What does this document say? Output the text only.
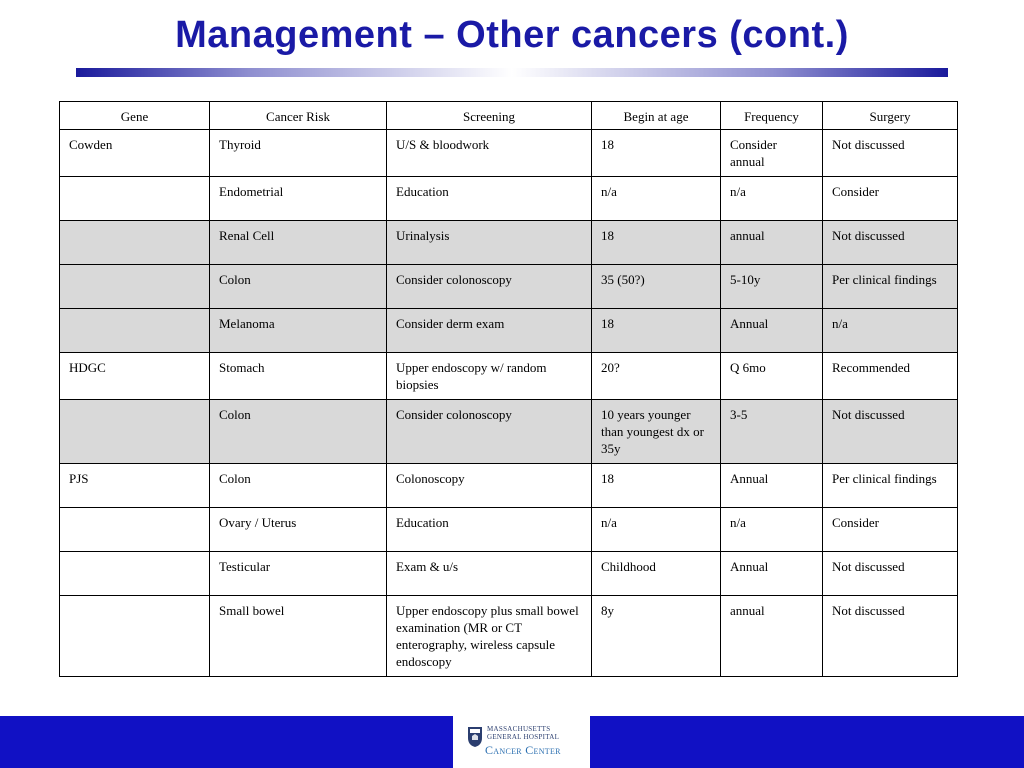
Management – Other cancers (cont.)
Gene	Cancer Risk	Screening	Begin at age	Frequency	Surgery
Cowden	Thyroid	U/S & bloodwork	18	Consider annual	Not discussed
	Endometrial	Education	n/a	n/a	Consider
	Renal Cell	Urinalysis	18	annual	Not discussed
	Colon	Consider colonoscopy	35 (50?)	5-10y	Per clinical findings
	Melanoma	Consider derm exam	18	Annual	n/a
HDGC	Stomach	Upper endoscopy w/ random biopsies	20?	Q 6mo	Recommended
	Colon	Consider colonoscopy	10 years younger than youngest dx or 35y	3-5	Not discussed
PJS	Colon	Colonoscopy	18	Annual	Per clinical findings
	Ovary / Uterus	Education	n/a	n/a	Consider
	Testicular	Exam & u/s	Childhood	Annual	Not discussed
	Small bowel	Upper endoscopy plus small bowel examination (MR or CT enterography, wireless capsule endoscopy	8y	annual	Not discussed
MASSACHUSETTS
GENERAL HOSPITAL
Cancer Center
